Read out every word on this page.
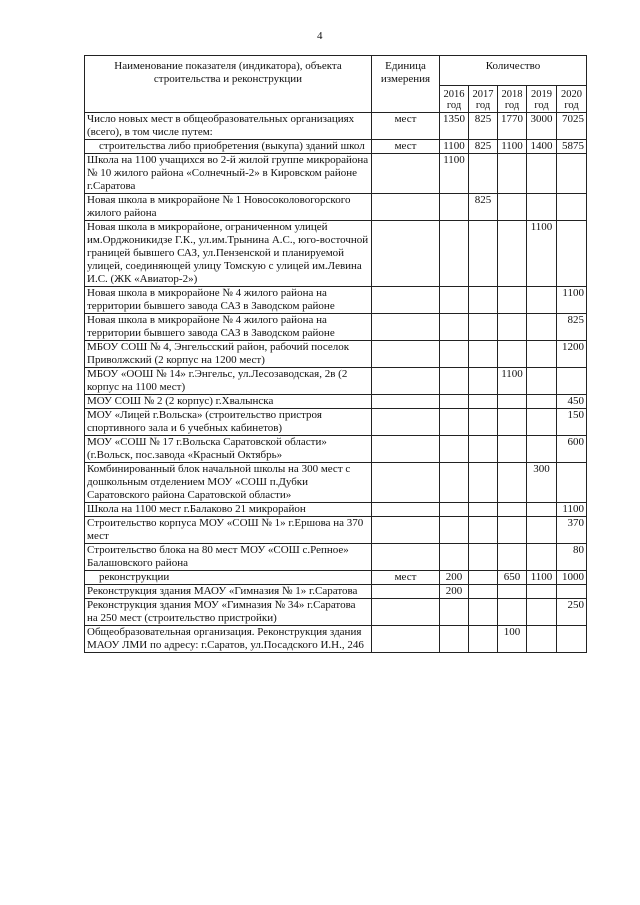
4
Наименование показателя (индикатора), объекта строительства и реконструкции	Единица измерения	Количество				
		2016 год	2017 год	2018 год	2019 год	2020 год
Число новых мест в общеобразовательных организациях (всего), в том числе путем:	мест	1350	825	1770	3000	7025
строительства либо приобретения (выкупа) зданий школ	мест	1100	825	1100	1400	5875
Школа на 1100 учащихся во 2-й жилой группе микрорайона № 10 жилого района «Солнечный-2» в Кировском районе г.Саратова		1100				
Новая школа в микрорайоне № 1 Новосоколовогорского жилого района			825			
Новая школа в микрорайоне, ограниченном улицей им.Орджоникидзе Г.К., ул.им.Трынина А.С., юго-восточной границей бывшего САЗ, ул.Пензенской и планируемой улицей, соединяющей улицу Томскую с улицей им.Левина И.С. (ЖК «Авиатор-2»)					1100	
Новая школа в микрорайоне № 4 жилого района на территории бывшего завода САЗ в Заводском районе						1100
Новая школа в микрорайоне № 4 жилого района на территории бывшего завода САЗ в Заводском районе						825
МБОУ СОШ № 4, Энгельсский район, рабочий поселок Приволжский (2 корпус на 1200 мест)						1200
МБОУ «ООШ № 14» г.Энгельс, ул.Лесозаводская, 2в (2 корпус на 1100 мест)				1100		
МОУ СОШ № 2 (2 корпус) г.Хвалынска						450
МОУ «Лицей г.Вольска» (строительство пристроя спортивного зала и 6 учебных кабинетов)						150
МОУ «СОШ № 17 г.Вольска Саратовской области» (г.Вольск, пос.завода «Красный Октябрь»						600
Комбинированный блок начальной школы на 300 мест с дошкольным отделением МОУ «СОШ п.Дубки Саратовского района Саратовской области»					300	
Школа на 1100 мест г.Балаково 21 микрорайон						1100
Строительство корпуса МОУ «СОШ № 1» г.Ершова на 370 мест						370
Строительство блока на 80 мест МОУ «СОШ с.Репное» Балашовского района						80
реконструкции	мест	200		650	1100	1000
Реконструкция здания МАОУ «Гимназия № 1» г.Саратова		200				
Реконструкция здания МОУ «Гимназия № 34» г.Саратова на 250 мест (строительство пристройки)						250
Общеобразовательная организация. Реконструкция здания МАОУ ЛМИ по адресу: г.Саратов, ул.Посадского И.Н., 246				100		
